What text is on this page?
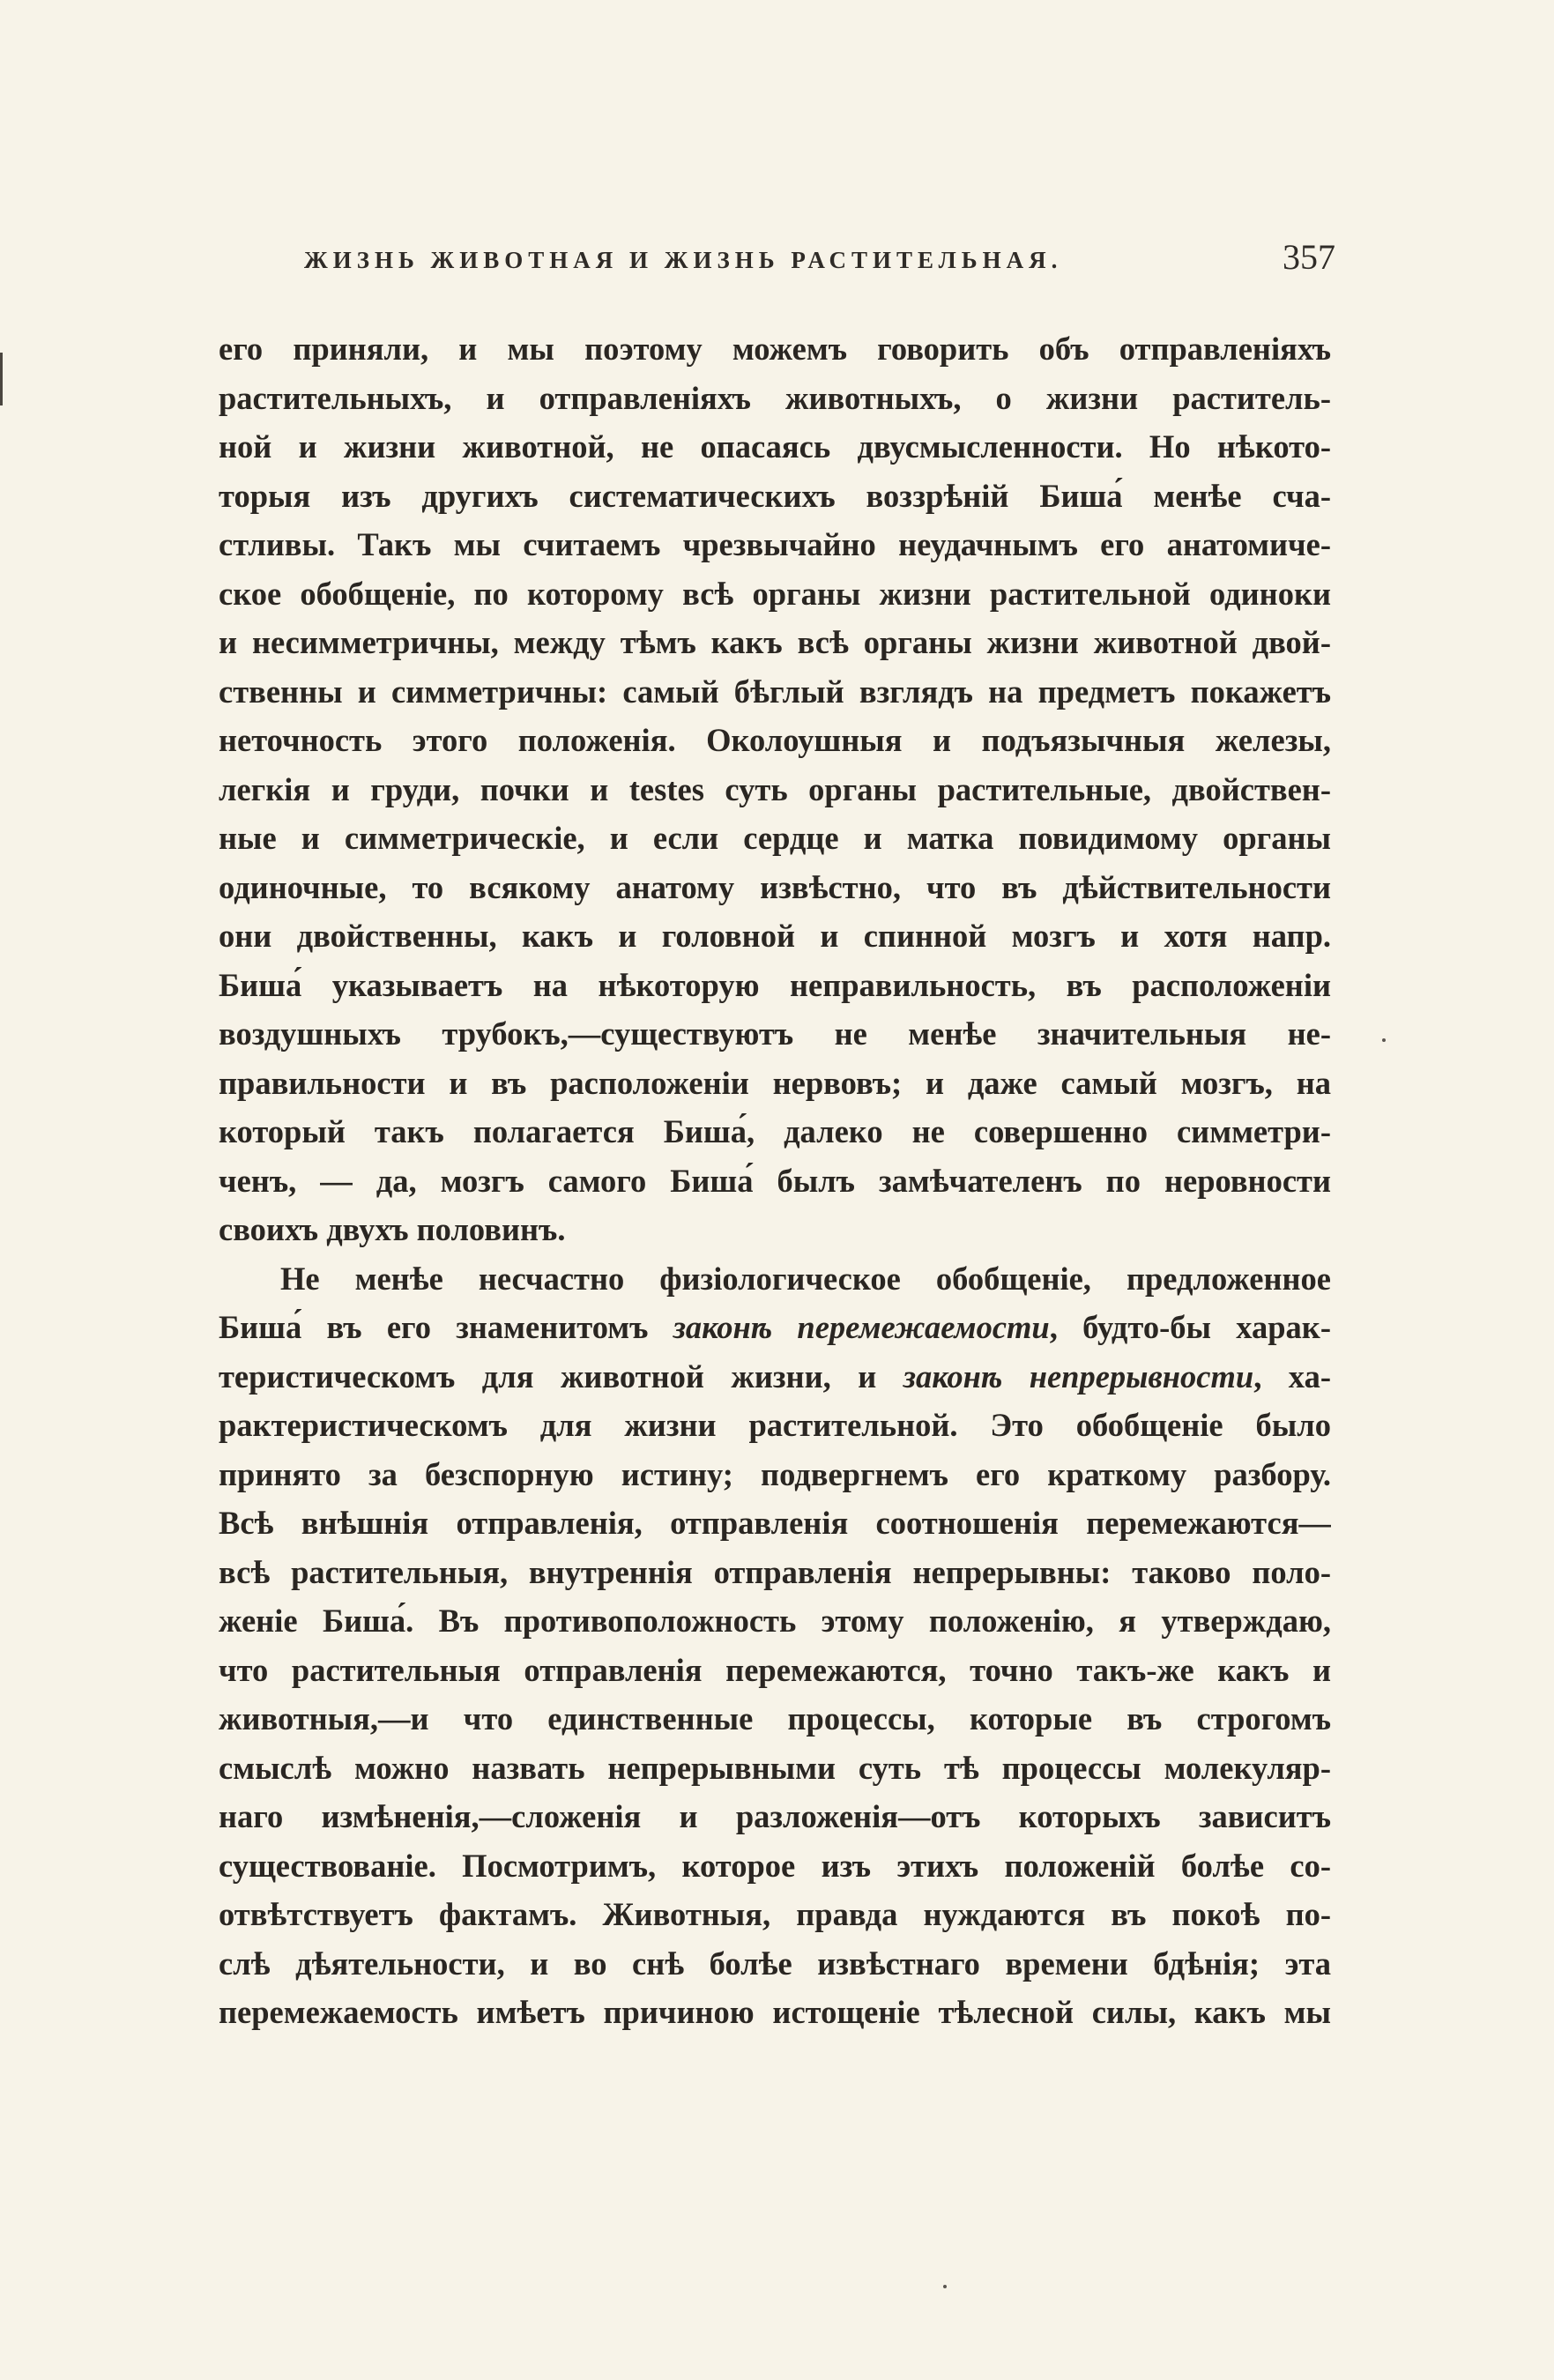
ЖИЗНЬ ЖИВОТНАЯ И ЖИЗНЬ РАСТИТЕЛЬНАЯ.	357
его приняли, и мы поэтому можемъ говорить объ отправленіяхъ
растительныхъ, и отправленіяхъ животныхъ, о жизни раститель-
ной и жизни животной, не опасаясь двусмысленности. Но нѣкото-
торыя изъ другихъ систематическихъ воззрѣній Биша́ менѣе сча-
стливы. Такъ мы считаемъ чрезвычайно неудачнымъ его анатомиче-
ское обобщеніе, по которому всѣ органы жизни растительной одиноки
и несимметричны, между тѣмъ какъ всѣ органы жизни животной двой-
ственны и симметричны: самый бѣглый взглядъ на предметъ покажетъ
неточность этого положенія. Околоушныя и подъязычныя железы,
легкія и груди, почки и testes суть органы растительные, двойствен-
ные и симметрическіе, и если сердце и матка повидимому органы
одиночные, то всякому анатому извѣстно, что въ дѣйствительности
они двойственны, какъ и головной и спинной мозгъ и хотя напр.
Биша́ указываетъ на нѣкоторую неправильность, въ расположеніи
воздушныхъ трубокъ,—существуютъ не менѣе значительныя не-
правильности и въ расположеніи нервовъ; и даже самый мозгъ, на
который такъ полагается Биша́, далеко не совершенно симметри-
ченъ, — да, мозгъ самого Биша́ былъ замѣчателенъ по неровности
своихъ двухъ половинъ.
Не менѣе несчастно физіологическое обобщеніе, предложенное
Биша́ въ его знаменитомъ законѣ перемежаемости, будто-бы харак-
теристическомъ для животной жизни, и законѣ непрерывности, ха-
рактеристическомъ для жизни растительной. Это обобщеніе было
принято за безспорную истину; подвергнемъ его краткому разбору.
Всѣ внѣшнія отправленія, отправленія соотношенія перемежаются—
всѣ растительныя, внутреннія отправленія непрерывны: таково поло-
женіе Биша́. Въ противоположность этому положенію, я утверждаю,
что растительныя отправленія перемежаются, точно такъ-же какъ и
животныя,—и что единственные процессы, которые въ строгомъ
смыслѣ можно назвать непрерывными суть тѣ процессы молекуляр-
наго измѣненія,—сложенія и разложенія—отъ которыхъ зависитъ
существованіе. Посмотримъ, которое изъ этихъ положеній болѣе со-
отвѣтствуетъ фактамъ. Животныя, правда нуждаются въ покоѣ по-
слѣ дѣятельности, и во снѣ болѣе извѣстнаго времени бдѣнія; эта
перемежаемость имѣетъ причиною истощеніе тѣлесной силы, какъ мы
